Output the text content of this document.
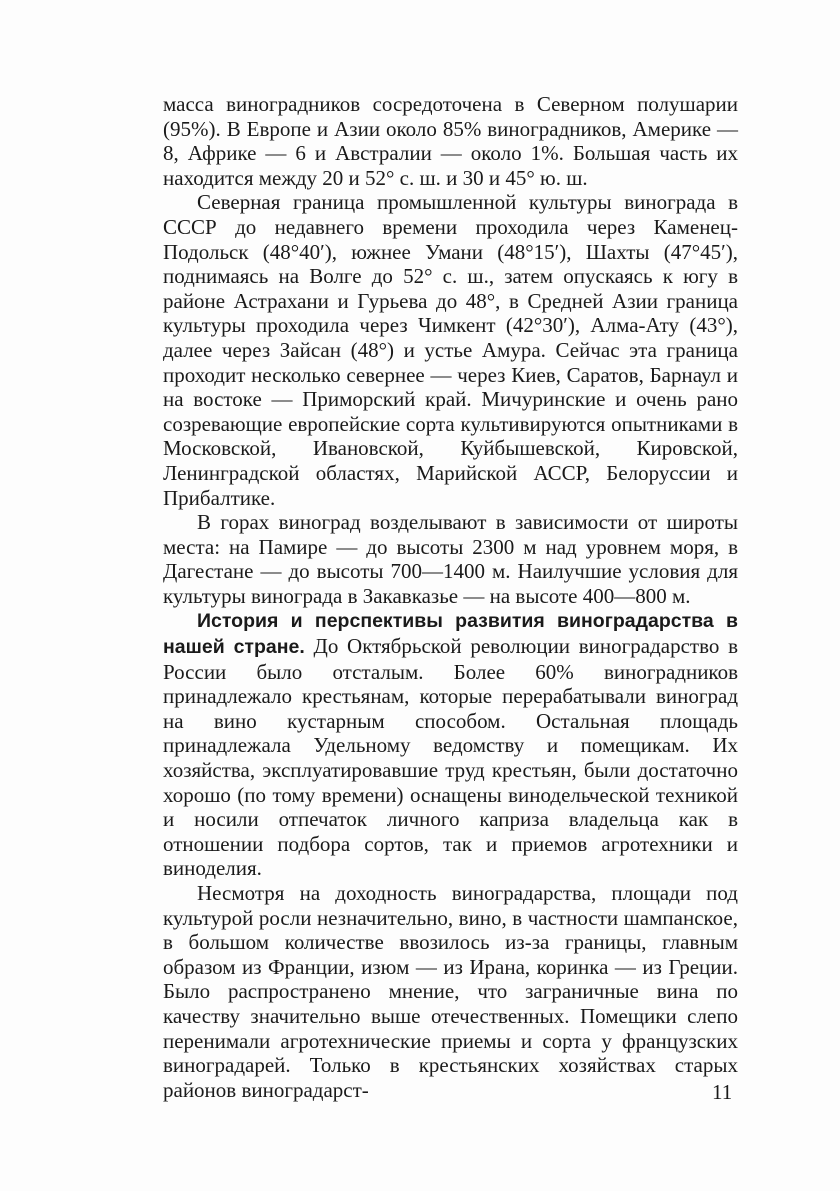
масса виноградников сосредоточена в Северном полушарии (95%). В Европе и Азии около 85% виноградников, Америке — 8, Африке — 6 и Австралии — около 1%. Большая часть их находится между 20 и 52° с. ш. и 30 и 45° ю. ш.

Северная граница промышленной культуры винограда в СССР до недавнего времени проходила через Каменец-Подольск (48°40′), южнее Умани (48°15′), Шахты (47°45′), поднимаясь на Волге до 52° с. ш., затем опускаясь к югу в районе Астрахани и Гурьева до 48°, в Средней Азии граница культуры проходила через Чимкент (42°30′), Алма-Ату (43°), далее через Зайсан (48°) и устье Амура. Сейчас эта граница проходит несколько севернее — через Киев, Саратов, Барнаул и на востоке — Приморский край. Мичуринские и очень рано созревающие европейские сорта культивируются опытниками в Московской, Ивановской, Куйбышевской, Кировской, Ленинградской областях, Марийской АССР, Белоруссии и Прибалтике.

В горах виноград возделывают в зависимости от широты места: на Памире — до высоты 2300 м над уровнем моря, в Дагестане — до высоты 700—1400 м. Наилучшие условия для культуры винограда в Закавказье — на высоте 400—800 м.

История и перспективы развития виноградарства в нашей стране. До Октябрьской революции виноградарство в России было отсталым. Более 60% виноградников принадлежало крестьянам, которые перерабатывали виноград на вино кустарным способом. Остальная площадь принадлежала Удельному ведомству и помещикам. Их хозяйства, эксплуатировавшие труд крестьян, были достаточно хорошо (по тому времени) оснащены винодельческой техникой и носили отпечаток личного каприза владельца как в отношении подбора сортов, так и приемов агротехники и виноделия.

Несмотря на доходность виноградарства, площади под культурой росли незначительно, вино, в частности шампанское, в большом количестве ввозилось из-за границы, главным образом из Франции, изюм — из Ирана, коринка — из Греции. Было распространено мнение, что заграничные вина по качеству значительно выше отечественных. Помещики слепо перенимали агротехнические приемы и сорта у французских виноградарей. Только в крестьянских хозяйствах старых районов виноградарст-	11
